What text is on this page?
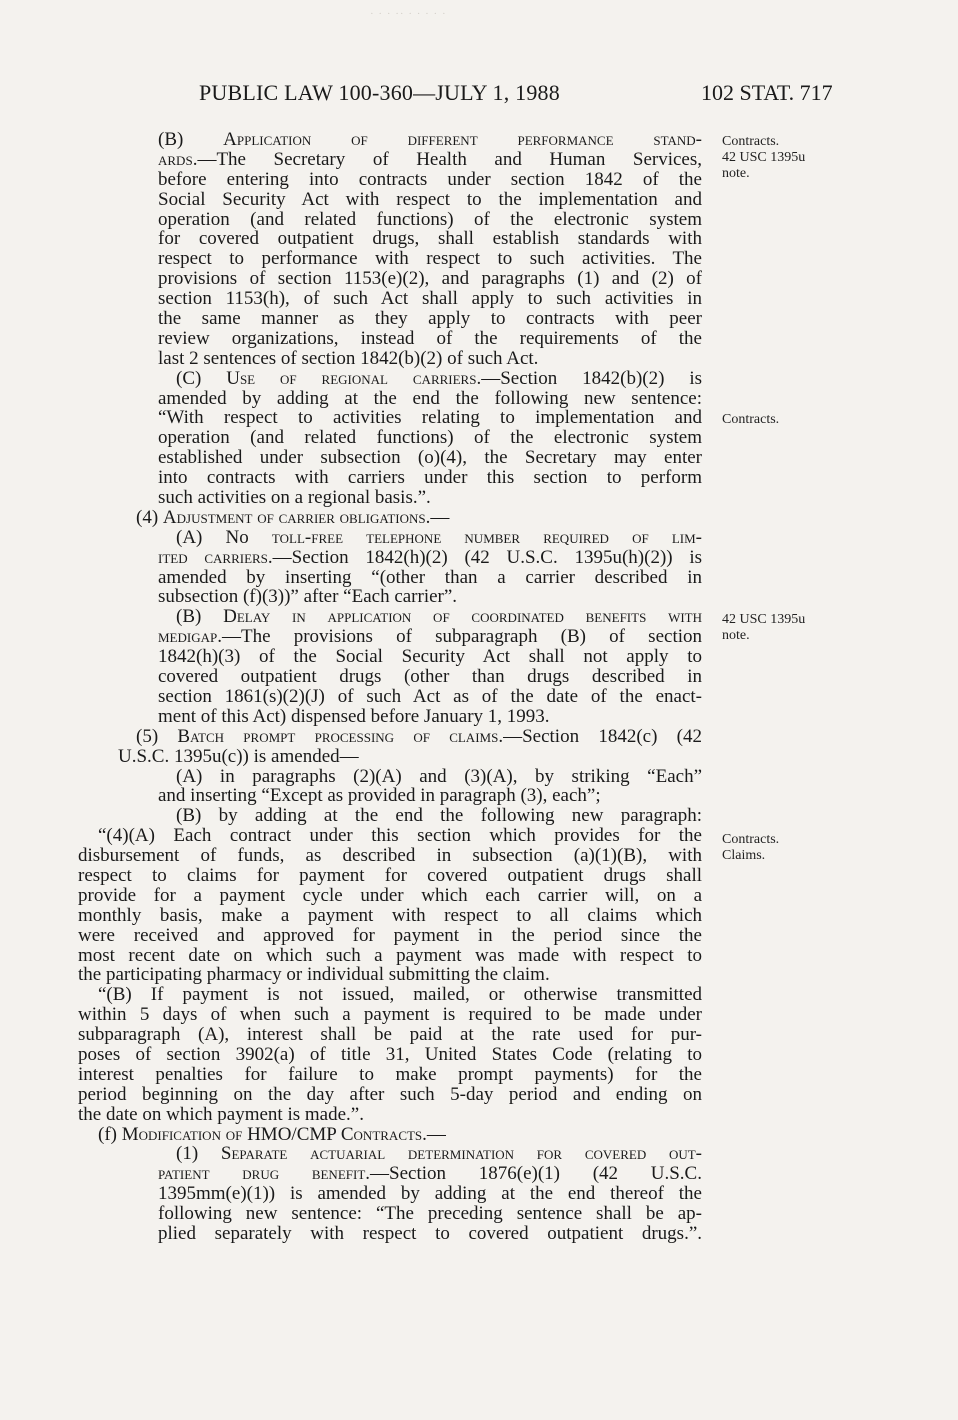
· · · ·· · · · · ·
PUBLIC LAW 100-360—JULY 1, 1988	102 STAT. 717
(B) Application of different performance stand-
ards.—The Secretary of Health and Human Services,
before entering into contracts under section 1842 of the
Social Security Act with respect to the implementation and
operation (and related functions) of the electronic system
for covered outpatient drugs, shall establish standards with
respect to performance with respect to such activities. The
provisions of section 1153(e)(2), and paragraphs (1) and (2) of
section 1153(h), of such Act shall apply to such activities in
the same manner as they apply to contracts with peer
review organizations, instead of the requirements of the
last 2 sentences of section 1842(b)(2) of such Act.
(C) Use of regional carriers.—Section 1842(b)(2) is
amended by adding at the end the following new sentence:
“With respect to activities relating to implementation and
operation (and related functions) of the electronic system
established under subsection (o)(4), the Secretary may enter
into contracts with carriers under this section to perform
such activities on a regional basis.”.
(4) Adjustment of carrier obligations.—
(A) No toll-free telephone number required of lim-
ited carriers.—Section 1842(h)(2) (42 U.S.C. 1395u(h)(2)) is
amended by inserting “(other than a carrier described in
subsection (f)(3))” after “Each carrier”.
(B) Delay in application of coordinated benefits with
medigap.—The provisions of subparagraph (B) of section
1842(h)(3) of the Social Security Act shall not apply to
covered outpatient drugs (other than drugs described in
section 1861(s)(2)(J) of such Act as of the date of the enact-
ment of this Act) dispensed before January 1, 1993.
(5) Batch prompt processing of claims.—Section 1842(c) (42
U.S.C. 1395u(c)) is amended—
(A) in paragraphs (2)(A) and (3)(A), by striking “Each”
and inserting “Except as provided in paragraph (3), each”;
(B) by adding at the end the following new paragraph:
“(4)(A) Each contract under this section which provides for the
disbursement of funds, as described in subsection (a)(1)(B), with
respect to claims for payment for covered outpatient drugs shall
provide for a payment cycle under which each carrier will, on a
monthly basis, make a payment with respect to all claims which
were received and approved for payment in the period since the
most recent date on which such a payment was made with respect to
the participating pharmacy or individual submitting the claim.
“(B) If payment is not issued, mailed, or otherwise transmitted
within 5 days of when such a payment is required to be made under
subparagraph (A), interest shall be paid at the rate used for pur-
poses of section 3902(a) of title 31, United States Code (relating to
interest penalties for failure to make prompt payments) for the
period beginning on the day after such 5-day period and ending on
the date on which payment is made.”.
(f) Modification of HMO/CMP Contracts.—
(1) Separate actuarial determination for covered out-
patient drug benefit.—Section 1876(e)(1) (42 U.S.C.
1395mm(e)(1)) is amended by adding at the end thereof the
following new sentence: “The preceding sentence shall be ap-
plied separately with respect to covered outpatient drugs.”.
Contracts.
42 USC 1395u
note.
Contracts.
42 USC 1395u
note.
Contracts.
Claims.
